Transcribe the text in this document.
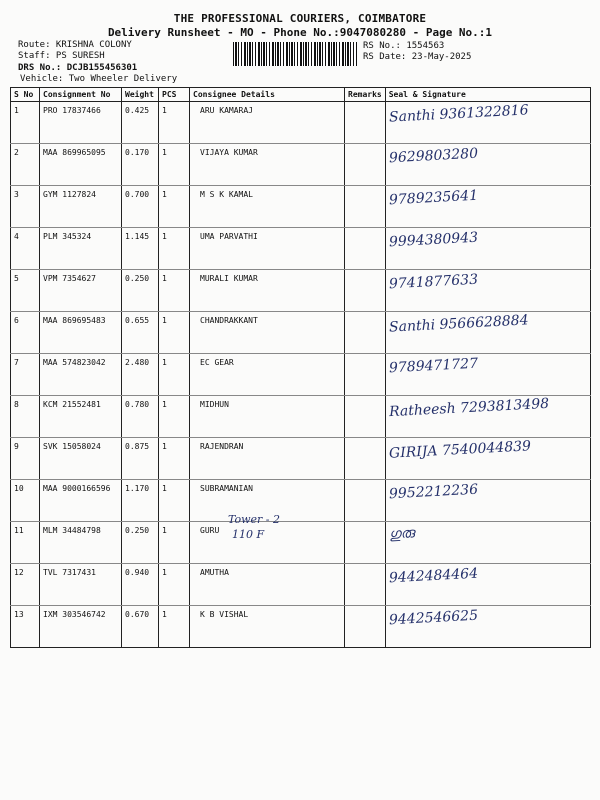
THE PROFESSIONAL COURIERS, COIMBATORE
Delivery Runsheet - MO - Phone No.:9047080280 - Page No.:1
Route: KRISHNA COLONY
Staff: PS SURESH
DRS No.: DCJB155456301
Vehicle: Two Wheeler Delivery
RS No.: 1554563
RS Date: 23-May-2025
S No	Consignment No	Weight	PCS	Consignee Details	Remarks	Seal & Signature
1	PRO 17837466	0.425	1	ARU KAMARAJ		Santhi 9361322816
2	MAA 869965095	0.170	1	VIJAYA KUMAR		9629803280
3	GYM 1127824	0.700	1	M S K KAMAL		9789235641
4	PLM 345324	1.145	1	UMA PARVATHI		9994380943
5	VPM 7354627	0.250	1	MURALI KUMAR		9741877633
6	MAA 869695483	0.655	1	CHANDRAKKANT		Santhi 9566628884
7	MAA 574823042	2.480	1	EC GEAR		9789471727
8	KCM 21552481	0.780	1	MIDHUN		Ratheesh 7293813498
9	SVK 15058024	0.875	1	RAJENDRAN		GIRIJA 7540044839
10	MAA 9000166596	1.170	1	SUBRAMANIAN		9952212236
11	MLM 34484798	0.250	1	GURU		ഗുരു
12	TVL 7317431	0.940	1	AMUTHA		9442484464
13	IXM 303546742	0.670	1	K B VISHAL		9442546625
Tower - 2
110 F
